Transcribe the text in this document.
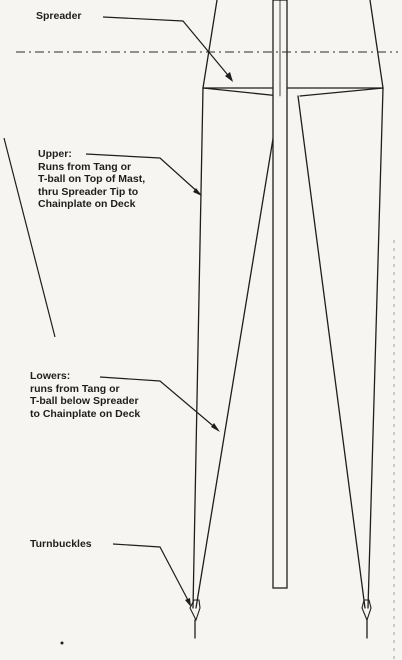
Spreader
Upper:
Runs from Tang or
T-ball on Top of Mast,
thru Spreader Tip to
Chainplate on Deck
Lowers:
runs from Tang or
T-ball below Spreader
to Chainplate on Deck
Turnbuckles
